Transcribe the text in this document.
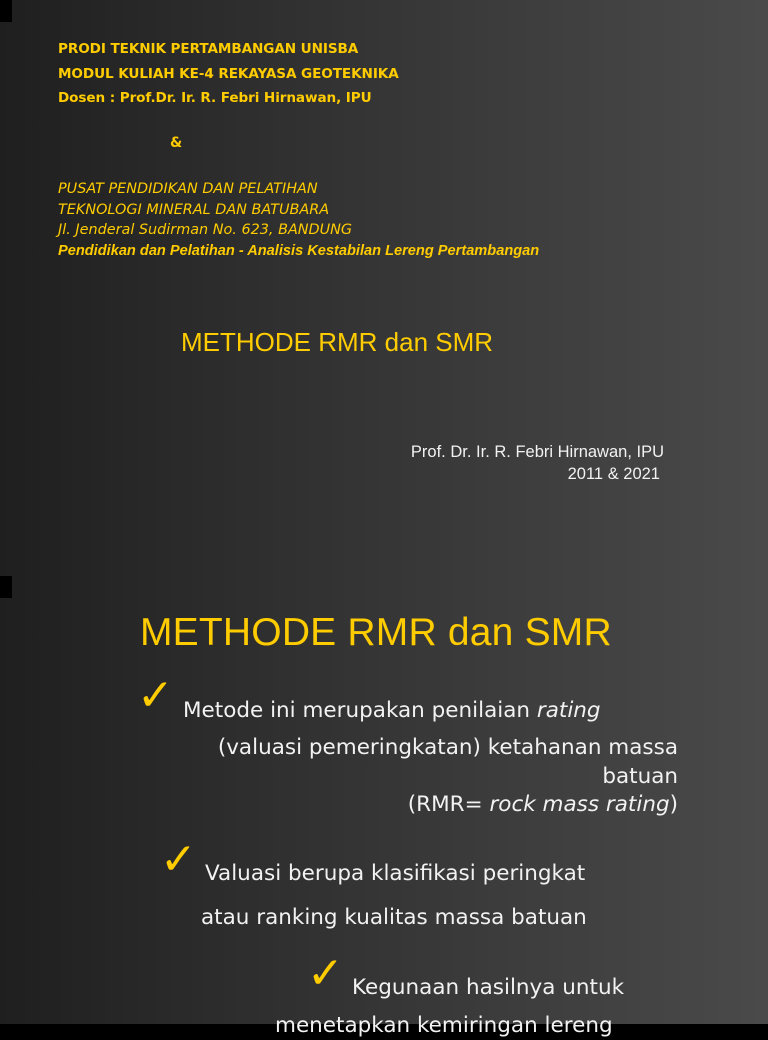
PRODI TEKNIK PERTAMBANGAN UNISBA
MODUL KULIAH KE-4 REKAYASA GEOTEKNIKA
Dosen : Prof.Dr. Ir. R. Febri Hirnawan, IPU
&
PUSAT PENDIDIKAN DAN PELATIHAN
TEKNOLOGI MINERAL DAN BATUBARA
Jl. Jenderal Sudirman No. 623, BANDUNG
Pendidikan dan Pelatihan - Analisis Kestabilan Lereng Pertambangan
METHODE RMR dan SMR
Prof. Dr. Ir. R. Febri Hirnawan, IPU
2011 & 2021
METHODE RMR dan SMR
✓ Metode ini merupakan penilaian rating
(valuasi pemeringkatan) ketahanan massa
batuan
(RMR= rock mass rating)
✓ Valuasi berupa klasifikasi peringkat
atau ranking kualitas massa batuan
✓ Kegunaan hasilnya untuk
menetapkan kemiringan lereng
